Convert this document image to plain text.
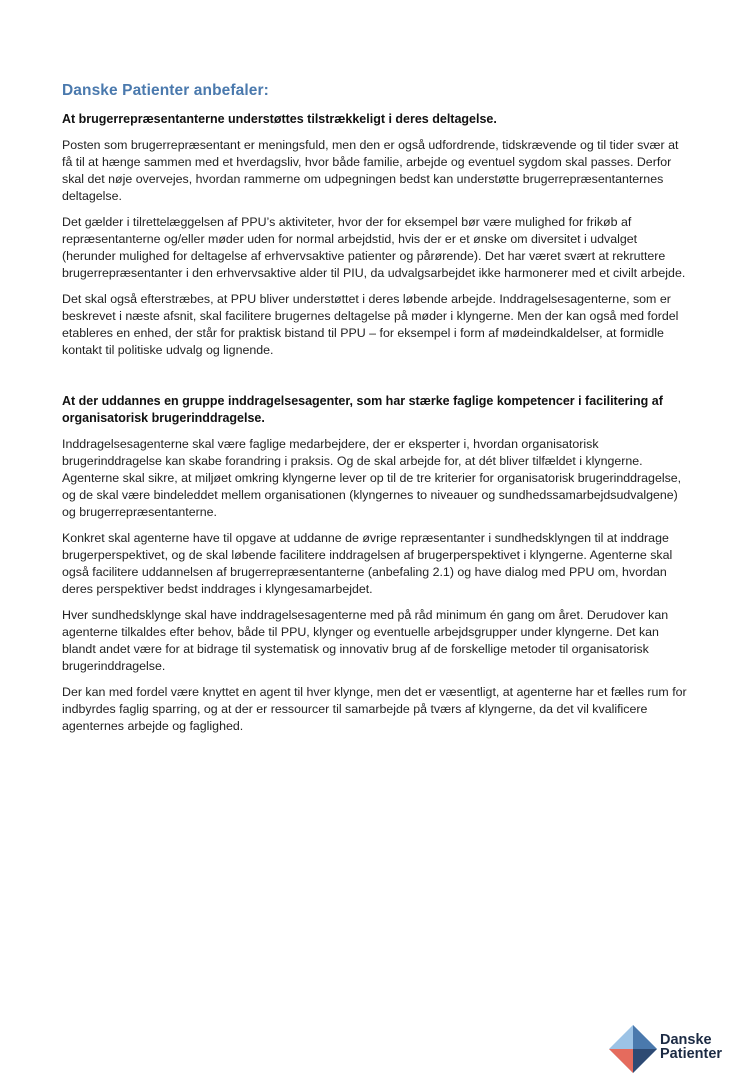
Danske Patienter anbefaler:

At brugerrepræsentanterne understøttes tilstrækkeligt i deres deltagelse.

Posten som brugerrepræsentant er meningsfuld, men den er også udfordrende, tidskrævende og til tider svær at få til at hænge sammen med et hverdagsliv, hvor både familie, arbejde og eventuel sygdom skal passes. Derfor skal det nøje overvejes, hvordan rammerne om udpegningen bedst kan understøtte brugerrepræsentanternes deltagelse.

Det gælder i tilrettelæggelsen af PPU’s aktiviteter, hvor der for eksempel bør være mulighed for frikøb af repræsentanterne og/eller møder uden for normal arbejdstid, hvis der er et ønske om diversitet i udvalget (herunder mulighed for deltagelse af erhvervsaktive patienter og pårørende). Det har været svært at rekruttere brugerrepræsentanter i den erhvervsaktive alder til PIU, da udvalgsarbejdet ikke harmonerer med et civilt arbejde.

Det skal også efterstræbes, at PPU bliver understøttet i deres løbende arbejde. Inddragelsesagenterne, som er beskrevet i næste afsnit, skal facilitere brugernes deltagelse på møder i klyngerne. Men der kan også med fordel etableres en enhed, der står for praktisk bistand til PPU – for eksempel i form af mødeindkaldelser, at formidle kontakt til politiske udvalg og lignende.

At der uddannes en gruppe inddragelsesagenter, som har stærke faglige kompetencer i facilitering af organisatorisk brugerinddragelse.

Inddragelsesagenterne skal være faglige medarbejdere, der er eksperter i, hvordan organisatorisk brugerinddragelse kan skabe forandring i praksis. Og de skal arbejde for, at dét bliver tilfældet i klyngerne. Agenterne skal sikre, at miljøet omkring klyngerne lever op til de tre kriterier for organisatorisk brugerinddragelse, og de skal være bindeleddet mellem organisationen (klyngernes to niveauer og sundhedssamarbejdsudvalgene) og brugerrepræsentanterne.

Konkret skal agenterne have til opgave at uddanne de øvrige repræsentanter i sundhedsklyngen til at inddrage brugerperspektivet, og de skal løbende facilitere inddragelsen af brugerperspektivet i klyngerne. Agenterne skal også facilitere uddannelsen af brugerrepræsentanterne (anbefaling 2.1) og have dialog med PPU om, hvordan deres perspektiver bedst inddrages i klyngesamarbejdet.

Hver sundhedsklynge skal have inddragelsesagenterne med på råd minimum én gang om året. Derudover kan agenterne tilkaldes efter behov, både til PPU, klynger og eventuelle arbejdsgrupper under klyngerne. Det kan blandt andet være for at bidrage til systematisk og innovativ brug af de forskellige metoder til organisatorisk brugerinddragelse.

Der kan med fordel være knyttet en agent til hver klynge, men det er væsentligt, at agenterne har et fælles rum for indbyrdes faglig sparring, og at der er ressourcer til samarbejde på tværs af klyngerne, da det vil kvalificere agenternes arbejde og faglighed.

Danske
Patienter
